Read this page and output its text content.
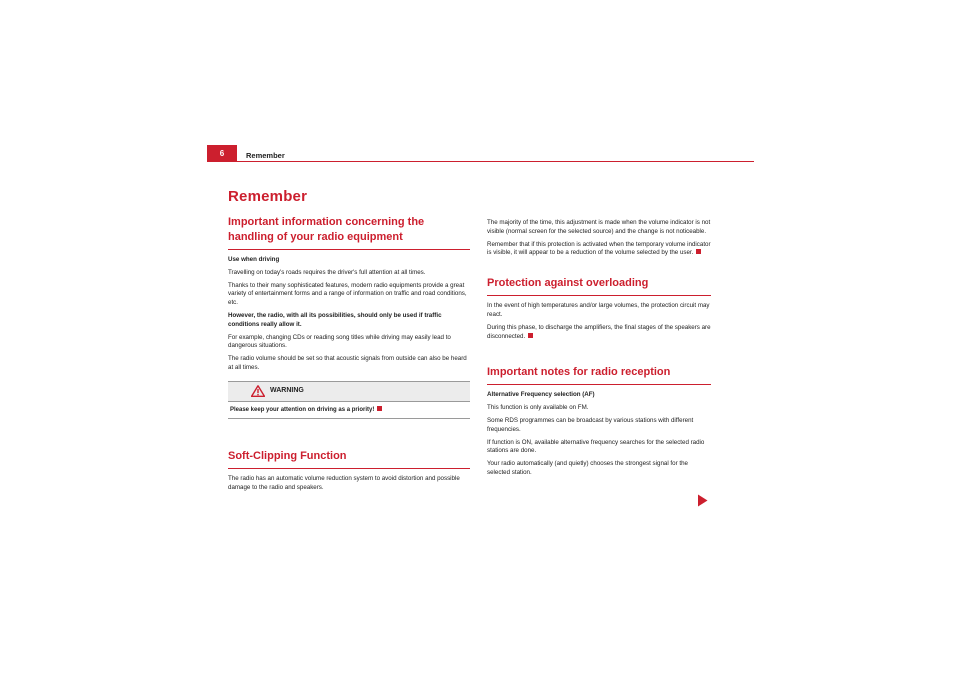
6	Remember
Remember
Important information concerning the handling of your radio equipment

Use when driving

Travelling on today's roads requires the driver's full attention at all times.

Thanks to their many sophisticated features, modern radio equipments provide a great variety of entertainment forms and a range of information on traffic and road conditions, etc.

However, the radio, with all its possibilities, should only be used if traffic conditions really allow it.

For example, changing CDs or reading song titles while driving may easily lead to dangerous situations.

The radio volume should be set so that acoustic signals from outside can also be heard at all times.

WARNING
Please keep your attention on driving as a priority!
Soft-Clipping Function

The radio has an automatic volume reduction system to avoid distortion and possible damage to the radio and speakers.

The majority of the time, this adjustment is made when the volume indicator is not visible (normal screen for the selected source) and the change is not noticeable.

Remember that if this protection is activated when the temporary volume indicator is visible, it will appear to be a reduction of the volume selected by the user.

Protection against overloading

In the event of high temperatures and/or large volumes, the protection circuit may react.

During this phase, to discharge the amplifiers, the final stages of the speakers are disconnected.

Important notes for radio reception

Alternative Frequency selection (AF)

This function is only available on FM.

Some RDS programmes can be broadcast by various stations with different frequencies.

If function is ON, available alternative frequency searches for the selected radio stations are done.

Your radio automatically (and quietly) chooses the strongest signal for the selected station.
